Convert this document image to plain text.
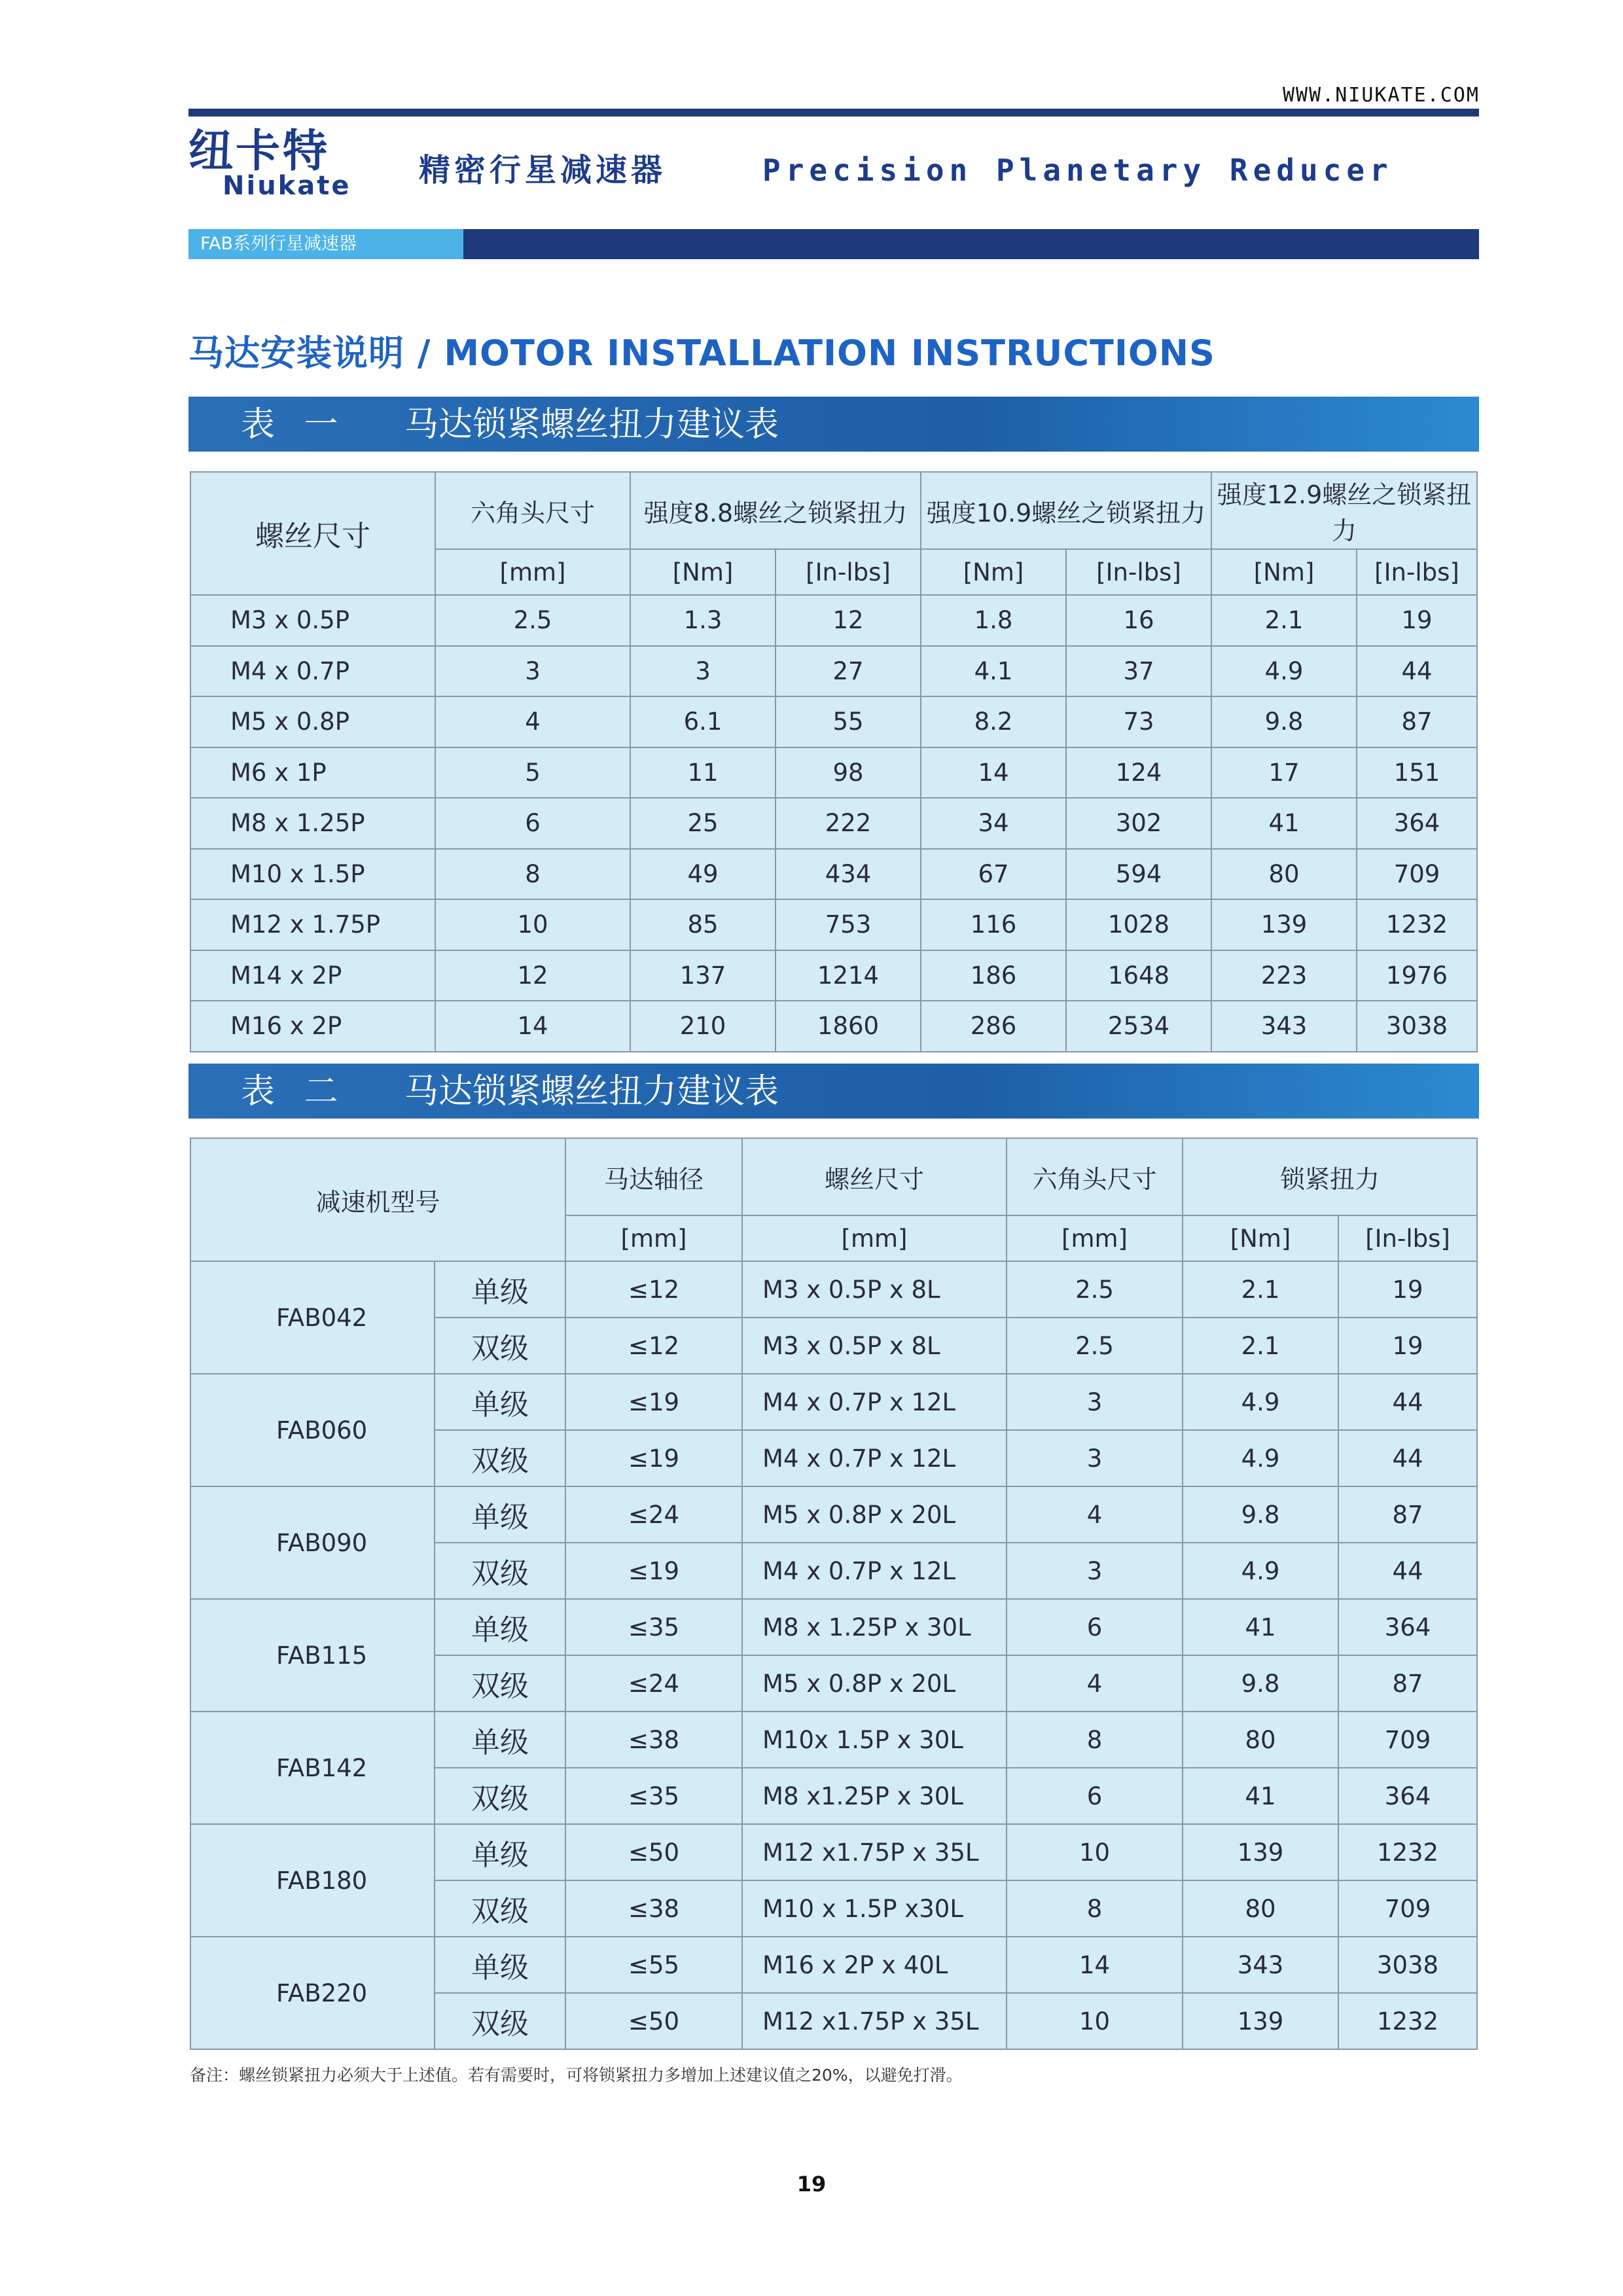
WWW.NIUKATE.COM
纽卡特
Niukate 精密行星减速器	Precision Planetary Reducer
FAB系列行星减速器
马达安装说明 / MOTOR INSTALLATION INSTRUCTIONS
表 一 马达锁紧螺丝扭力建议表
螺丝尺寸	六角头尺寸	强度8.8螺丝之锁紧扭力		强度10.9螺丝之锁紧扭力		强度12.9螺丝之锁紧扭力	
	[mm]	[Nm]	[In-lbs]	[Nm]	[In-lbs]	[Nm]	[In-lbs]
M3 x 0.5P	2.5	1.3	12	1.8	16	2.1	19
M4 x 0.7P	3	3	27	4.1	37	4.9	44
M5 x 0.8P	4	6.1	55	8.2	73	9.8	87
M6 x 1P	5	11	98	14	124	17	151
M8 x 1.25P	6	25	222	34	302	41	364
M10 x 1.5P	8	49	434	67	594	80	709
M12 x 1.75P	10	85	753	116	1028	139	1232
M14 x 2P	12	137	1214	186	1648	223	1976
M16 x 2P	14	210	1860	286	2534	343	3038
表 二 马达锁紧螺丝扭力建议表
减速机型号		马达轴径	螺丝尺寸	六角头尺寸	锁紧扭力	
		[mm]	[mm]	[mm]	[Nm]	[In-lbs]
FAB042	单级	≤12	M3 x 0.5P x 8L	2.5	2.1	19
	双级	≤12	M3 x 0.5P x 8L	2.5	2.1	19
FAB060	单级	≤19	M4 x 0.7P x 12L	3	4.9	44
	双级	≤19	M4 x 0.7P x 12L	3	4.9	44
FAB090	单级	≤24	M5 x 0.8P x 20L	4	9.8	87
	双级	≤19	M4 x 0.7P x 12L	3	4.9	44
FAB115	单级	≤35	M8 x 1.25P x 30L	6	41	364
	双级	≤24	M5 x 0.8P x 20L	4	9.8	87
FAB142	单级	≤38	M10x 1.5P x 30L	8	80	709
	双级	≤35	M8 x1.25P x 30L	6	41	364
FAB180	单级	≤50	M12 x1.75P x 35L	10	139	1232
	双级	≤38	M10 x 1.5P x30L	8	80	709
FAB220	单级	≤55	M16 x 2P x 40L	14	343	3038
	双级	≤50	M12 x1.75P x 35L	10	139	1232
备注：螺丝锁紧扭力必须大于上述值。若有需要时，可将锁紧扭力多增加上述建议值之20%，以避免打滑。
19
